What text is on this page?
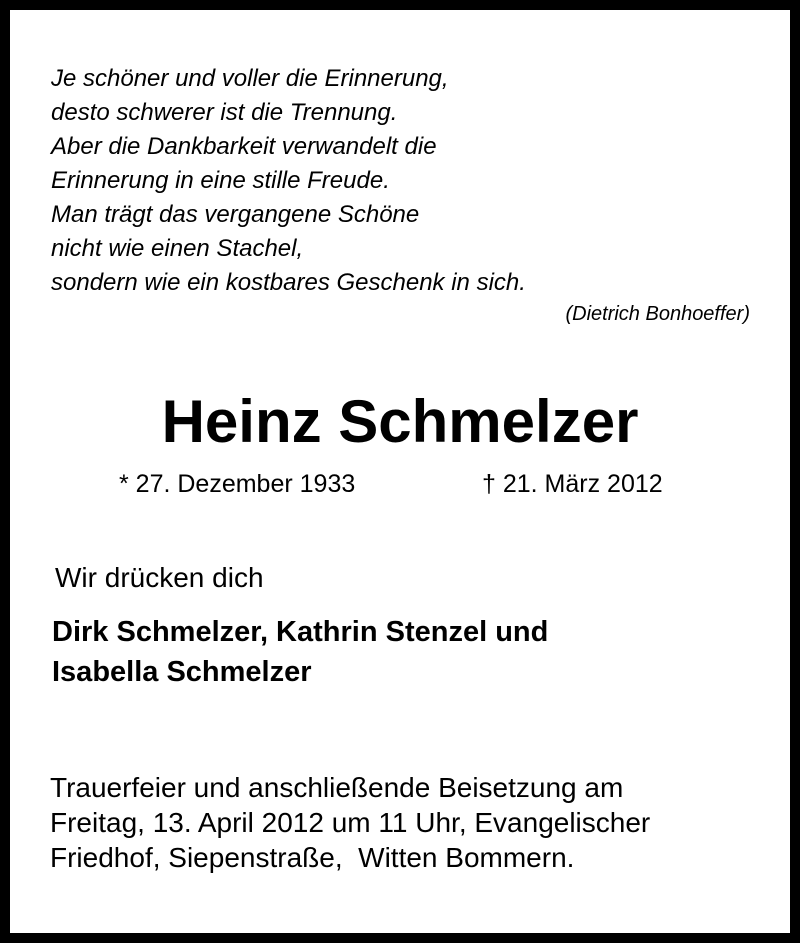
Je schöner und voller die Erinnerung,
desto schwerer ist die Trennung.
Aber die Dankbarkeit verwandelt die
Erinnerung in eine stille Freude.
Man trägt das vergangene Schöne
nicht wie einen Stachel,
sondern wie ein kostbares Geschenk in sich.
(Dietrich Bonhoeffer)
Heinz Schmelzer
* 27. Dezember 1933	† 21. März 2012
Wir drücken dich
Dirk Schmelzer, Kathrin Stenzel und
Isabella Schmelzer
Trauerfeier und anschließende Beisetzung am
Freitag, 13. April 2012 um 11 Uhr, Evangelischer
Friedhof, Siepenstraße,  Witten Bommern.
